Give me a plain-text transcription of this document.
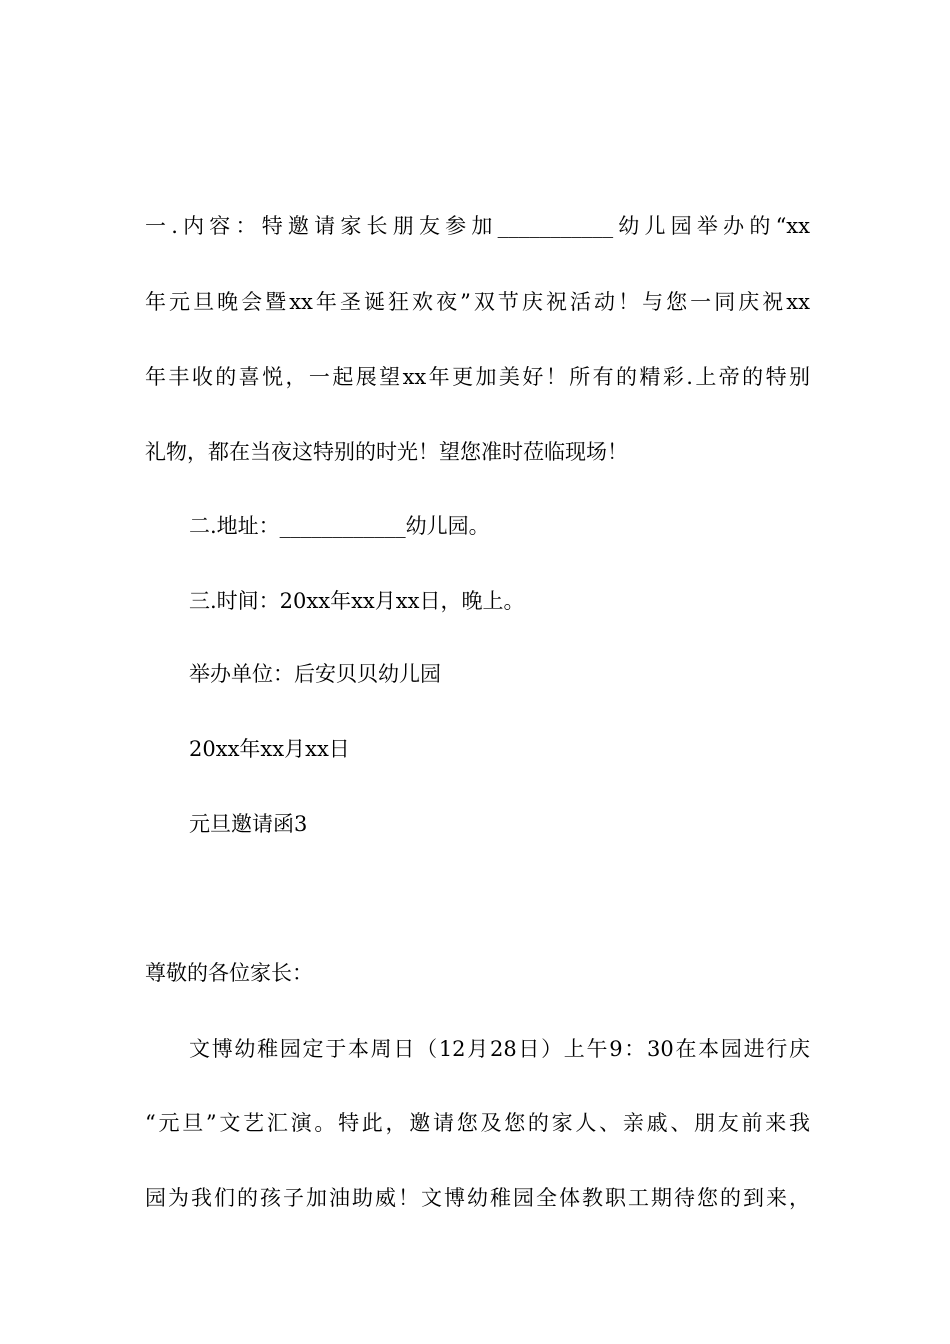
一.内容：特邀请家长朋友参加___________幼儿园举办的“xx
年元旦晚会暨xx年圣诞狂欢夜”双节庆祝活动！与您一同庆祝xx
年丰收的喜悦，一起展望xx年更加美好！所有的精彩.上帝的特别
礼物，都在当夜这特别的时光！望您准时莅临现场！
二.地址：____________幼儿园。
三.时间：20xx年xx月xx日，晚上。
举办单位：后安贝贝幼儿园
20xx年xx月xx日
元旦邀请函3
尊敬的各位家长：
文博幼稚园定于本周日（12月28日）上午9：30在本园进行庆
“元旦”文艺汇演。特此，邀请您及您的家人、亲戚、朋友前来我
园为我们的孩子加油助威！文博幼稚园全体教职工期待您的到来，
